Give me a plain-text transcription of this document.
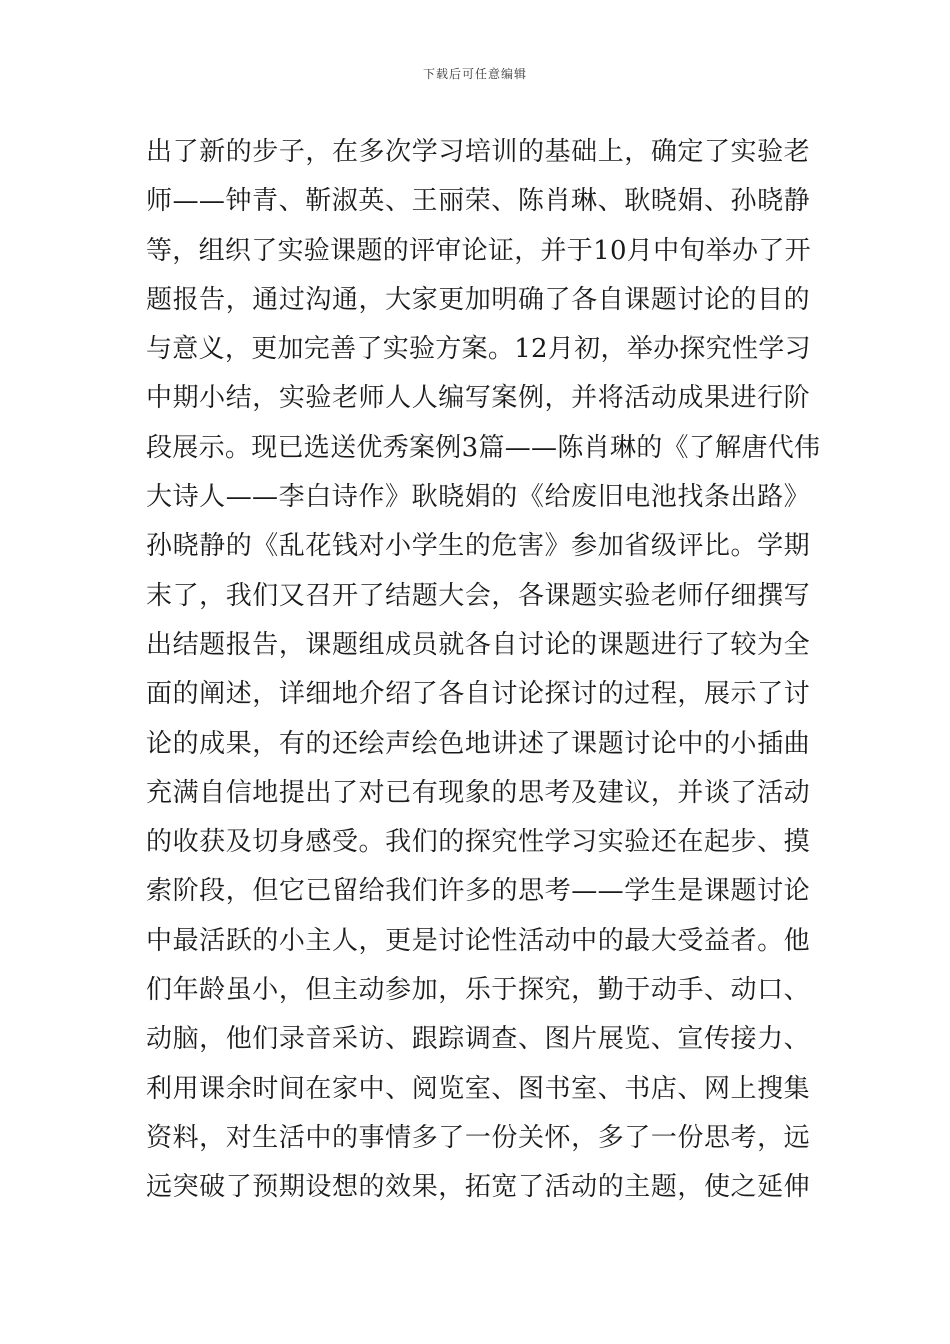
下载后可任意编辑
出了新的步子，在多次学习培训的基础上，确定了实验老
师——钟青、靳淑英、王丽荣、陈肖琳、耿晓娟、孙晓静
等，组织了实验课题的评审论证，并于10月中旬举办了开
题报告，通过沟通，大家更加明确了各自课题讨论的目的
与意义，更加完善了实验方案。12月初，举办探究性学习
中期小结，实验老师人人编写案例，并将活动成果进行阶
段展示。现已选送优秀案例3篇——陈肖琳的《了解唐代伟
大诗人——李白诗作》耿晓娟的《给废旧电池找条出路》
孙晓静的《乱花钱对小学生的危害》参加省级评比。学期
末了，我们又召开了结题大会，各课题实验老师仔细撰写
出结题报告，课题组成员就各自讨论的课题进行了较为全
面的阐述，详细地介绍了各自讨论探讨的过程，展示了讨
论的成果，有的还绘声绘色地讲述了课题讨论中的小插曲
充满自信地提出了对已有现象的思考及建议，并谈了活动
的收获及切身感受。我们的探究性学习实验还在起步、摸
索阶段，但它已留给我们许多的思考——学生是课题讨论
中最活跃的小主人，更是讨论性活动中的最大受益者。他
们年龄虽小，但主动参加，乐于探究，勤于动手、动口、
动脑，他们录音采访、跟踪调查、图片展览、宣传接力、
利用课余时间在家中、阅览室、图书室、书店、网上搜集
资料，对生活中的事情多了一份关怀，多了一份思考，远
远突破了预期设想的效果，拓宽了活动的主题，使之延伸
